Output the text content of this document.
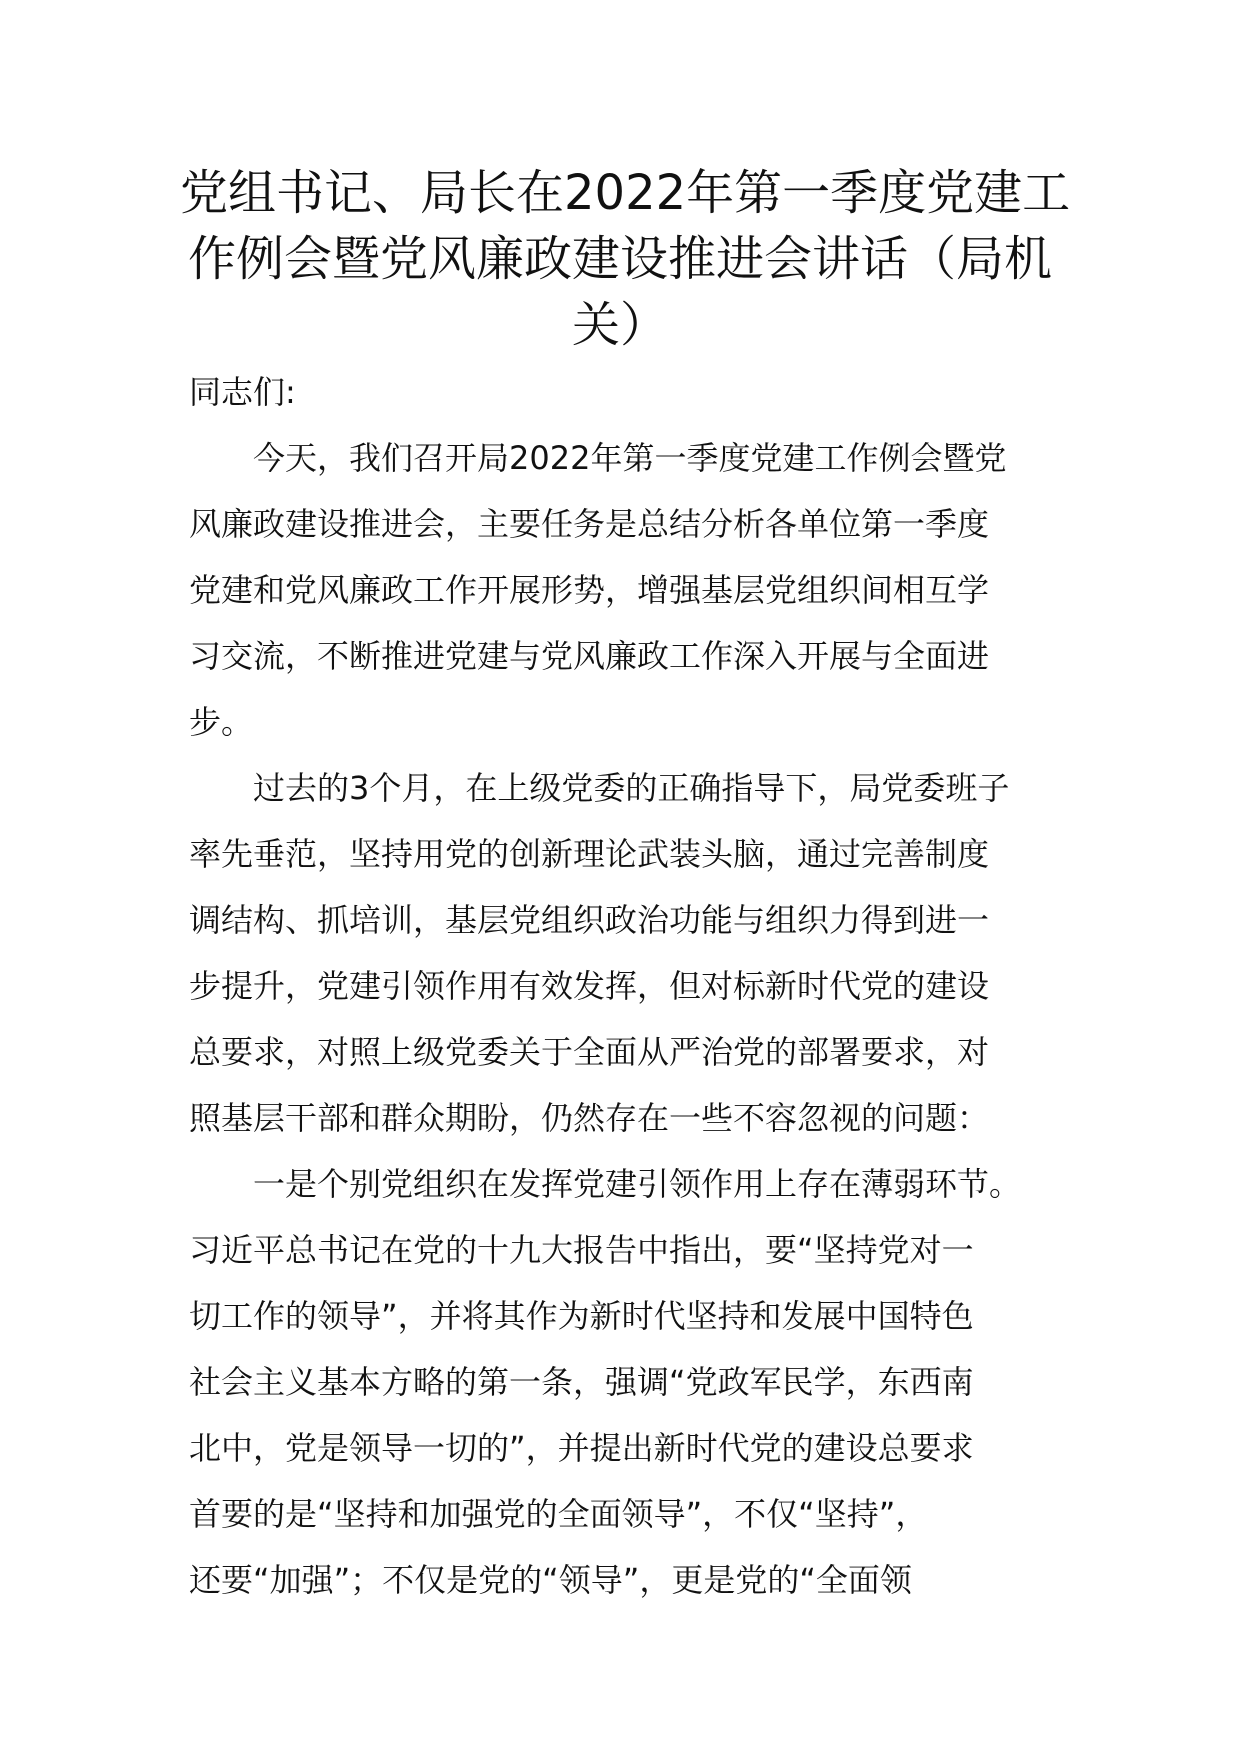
党组书记、局长在2022年第一季度党建工
作例会暨党风廉政建设推进会讲话（局机
关）
同志们:
今天，我们召开局2022年第一季度党建工作例会暨党
风廉政建设推进会，主要任务是总结分析各单位第一季度
党建和党风廉政工作开展形势，增强基层党组织间相互学
习交流，不断推进党建与党风廉政工作深入开展与全面进
步。
过去的3个月，在上级党委的正确指导下，局党委班子
率先垂范，坚持用党的创新理论武装头脑，通过完善制度
调结构、抓培训，基层党组织政治功能与组织力得到进一
步提升，党建引领作用有效发挥，但对标新时代党的建设
总要求，对照上级党委关于全面从严治党的部署要求，对
照基层干部和群众期盼，仍然存在一些不容忽视的问题：
一是个别党组织在发挥党建引领作用上存在薄弱环节。
习近平总书记在党的十九大报告中指出，要“坚持党对一
切工作的领导”，并将其作为新时代坚持和发展中国特色
社会主义基本方略的第一条，强调“党政军民学，东西南
北中，党是领导一切的”，并提出新时代党的建设总要求
首要的是“坚持和加强党的全面领导”，不仅“坚持”，
还要“加强”；不仅是党的“领导”，更是党的“全面领
